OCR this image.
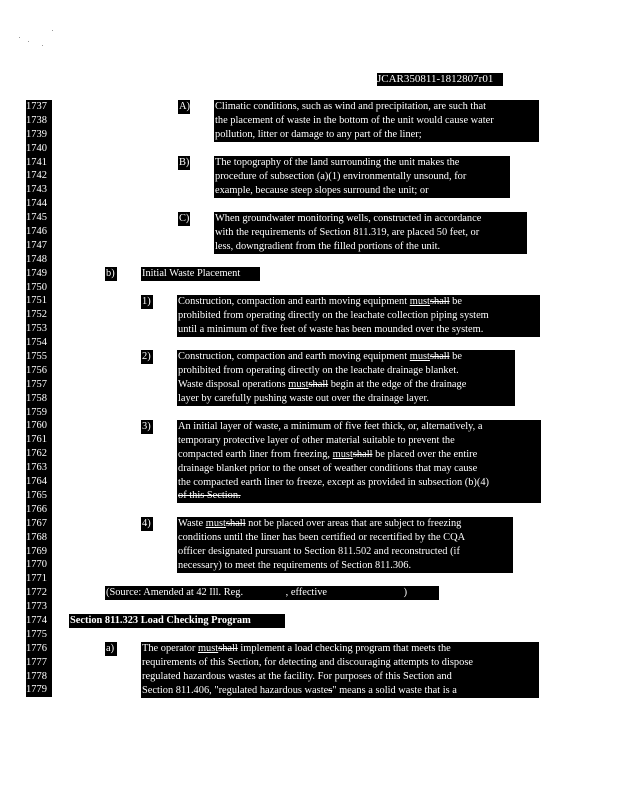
JCAR350811-1812807r01
1737
1738
1739
1740
1741
1742
1743
1744
1745
1746
1747
1748
1749
1750
1751
1752
1753
1754
1755
1756
1757
1758
1759
1760
1761
1762
1763
1764
1765
1766
1767
1768
1769
1770
1771
1772
1773
1774
1775
1776
1777
1778
1779
A) Climatic conditions, such as wind and precipitation, are such that
the placement of waste in the bottom of the unit would cause water
pollution, litter or damage to any part of the liner;
B) The topography of the land surrounding the unit makes the
procedure of subsection (a)(1) environmentally unsound, for
example, because steep slopes surround the unit; or
C) When groundwater monitoring wells, constructed in accordance
with the requirements of Section 811.319, are placed 50 feet, or
less, downgradient from the filled portions of the unit.
b)	Initial Waste Placement
1)	Construction, compaction and earth moving equipment mustshall be
prohibited from operating directly on the leachate collection piping system
until a minimum of five feet of waste has been mounded over the system.
2)	Construction, compaction and earth moving equipment mustshall be
prohibited from operating directly on the leachate drainage blanket.
Waste disposal operations mustshall begin at the edge of the drainage
layer by carefully pushing waste out over the drainage layer.
3)	An initial layer of waste, a minimum of five feet thick, or, alternatively, a
temporary protective layer of other material suitable to prevent the
compacted earth liner from freezing, mustshall be placed over the entire
drainage blanket prior to the onset of weather conditions that may cause
the compacted earth liner to freeze, except as provided in subsection (b)(4)
of this Section.
4)	Waste mustshall not be placed over areas that are subject to freezing
conditions until the liner has been certified or recertified by the CQA
officer designated pursuant to Section 811.502 and reconstructed (if
necessary) to meet the requirements of Section 811.306.
(Source: Amended at 42 Ill. Reg.	, effective	)
Section 811.323 Load Checking Program
a)	The operator mustshall implement a load checking program that meets the
requirements of this Section, for detecting and discouraging attempts to dispose
regulated hazardous wastes at the facility. For purposes of this Section and
Section 811.406, "regulated hazardous wastes" means a solid waste that is a
